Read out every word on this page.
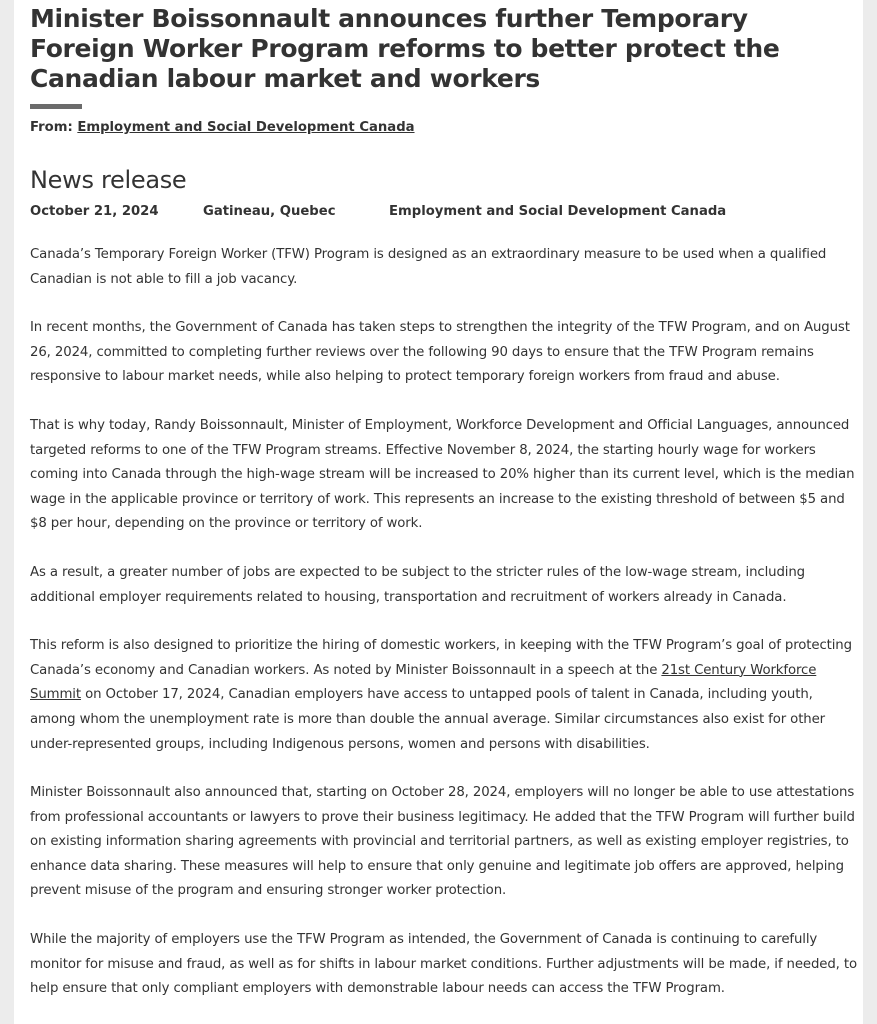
Minister Boissonnault announces further Temporary Foreign Worker Program reforms to better protect the Canadian labour market and workers
From: Employment and Social Development Canada
News release
October 21, 2024	Gatineau, Quebec	Employment and Social Development Canada

Canada’s Temporary Foreign Worker (TFW) Program is designed as an extraordinary measure to be used when a qualified Canadian is not able to fill a job vacancy.

In recent months, the Government of Canada has taken steps to strengthen the integrity of the TFW Program, and on August 26, 2024, committed to completing further reviews over the following 90 days to ensure that the TFW Program remains responsive to labour market needs, while also helping to protect temporary foreign workers from fraud and abuse.

That is why today, Randy Boissonnault, Minister of Employment, Workforce Development and Official Languages, announced targeted reforms to one of the TFW Program streams. Effective November 8, 2024, the starting hourly wage for workers coming into Canada through the high-wage stream will be increased to 20% higher than its current level, which is the median wage in the applicable province or territory of work. This represents an increase to the existing threshold of between $5 and $8 per hour, depending on the province or territory of work.

As a result, a greater number of jobs are expected to be subject to the stricter rules of the low-wage stream, including additional employer requirements related to housing, transportation and recruitment of workers already in Canada.

This reform is also designed to prioritize the hiring of domestic workers, in keeping with the TFW Program’s goal of protecting Canada’s economy and Canadian workers. As noted by Minister Boissonnault in a speech at the 21st Century Workforce Summit on October 17, 2024, Canadian employers have access to untapped pools of talent in Canada, including youth, among whom the unemployment rate is more than double the annual average. Similar circumstances also exist for other under-represented groups, including Indigenous persons, women and persons with disabilities.

Minister Boissonnault also announced that, starting on October 28, 2024, employers will no longer be able to use attestations from professional accountants or lawyers to prove their business legitimacy. He added that the TFW Program will further build on existing information sharing agreements with provincial and territorial partners, as well as existing employer registries, to enhance data sharing. These measures will help to ensure that only genuine and legitimate job offers are approved, helping prevent misuse of the program and ensuring stronger worker protection.

While the majority of employers use the TFW Program as intended, the Government of Canada is continuing to carefully monitor for misuse and fraud, as well as for shifts in labour market conditions. Further adjustments will be made, if needed, to help ensure that only compliant employers with demonstrable labour needs can access the TFW Program.
